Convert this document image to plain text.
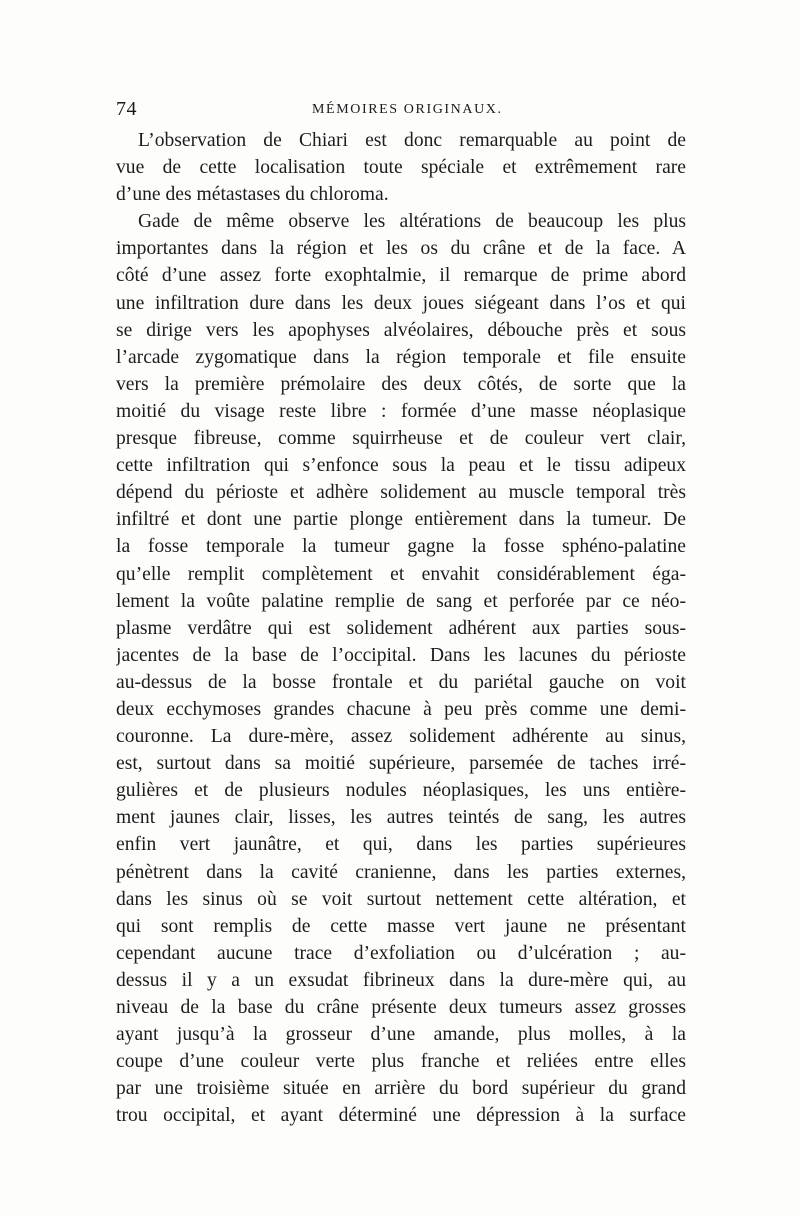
74	MÉMOIRES ORIGINAUX.
L’observation de Chiari est donc remarquable au point de
vue de cette localisation toute spéciale et extrêmement rare
d’une des métastases du chloroma.
Gade de même observe les altérations de beaucoup les plus
importantes dans la région et les os du crâne et de la face. A
côté d’une assez forte exophtalmie, il remarque de prime abord
une infiltration dure dans les deux joues siégeant dans l’os et qui
se dirige vers les apophyses alvéolaires, débouche près et sous
l’arcade zygomatique dans la région temporale et file ensuite
vers la première prémolaire des deux côtés, de sorte que la
moitié du visage reste libre : formée d’une masse néoplasique
presque fibreuse, comme squirrheuse et de couleur vert clair,
cette infiltration qui s’enfonce sous la peau et le tissu adipeux
dépend du périoste et adhère solidement au muscle temporal très
infiltré et dont une partie plonge entièrement dans la tumeur. De
la fosse temporale la tumeur gagne la fosse sphéno-palatine
qu’elle remplit complètement et envahit considérablement éga-
lement la voûte palatine remplie de sang et perforée par ce néo-
plasme verdâtre qui est solidement adhérent aux parties sous-
jacentes de la base de l’occipital. Dans les lacunes du périoste
au-dessus de la bosse frontale et du pariétal gauche on voit
deux ecchymoses grandes chacune à peu près comme une demi-
couronne. La dure-mère, assez solidement adhérente au sinus,
est, surtout dans sa moitié supérieure, parsemée de taches irré-
gulières et de plusieurs nodules néoplasiques, les uns entière-
ment jaunes clair, lisses, les autres teintés de sang, les autres
enfin vert jaunâtre, et qui, dans les parties supérieures
pénètrent dans la cavité cranienne, dans les parties externes,
dans les sinus où se voit surtout nettement cette altération, et
qui sont remplis de cette masse vert jaune ne présentant
cependant aucune trace d’exfoliation ou d’ulcération ; au-
dessus il y a un exsudat fibrineux dans la dure-mère qui, au
niveau de la base du crâne présente deux tumeurs assez grosses
ayant jusqu’à la grosseur d’une amande, plus molles, à la
coupe d’une couleur verte plus franche et reliées entre elles
par une troisième située en arrière du bord supérieur du grand
trou occipital, et ayant déterminé une dépression à la surface
